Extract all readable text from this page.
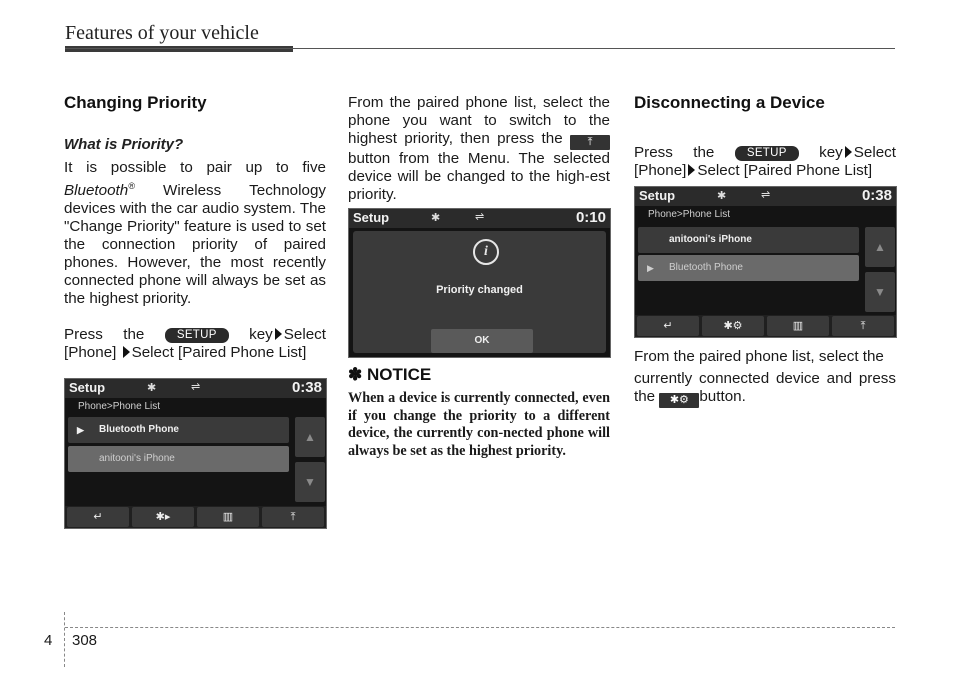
Features of your vehicle
Changing Priority
What is Priority?

It is possible to pair up to five Bluetooth® Wireless Technology devices with the car audio system. The "Change Priority" feature is used to set the connection priority of paired phones. However, the most recently connected phone will always be set as the highest priority.

Press the	SETUP key Select

[Phone] Select [Paired Phone List]

Setup	✱	⇌	0:38
Phone>Phone List
▶ Bluetooth Phone
anitooni's iPhone
▲
▼
↵	✱▸	▥	⤒

From the paired phone list, select the phone you want to switch to the highest priority, then press the ⤒ button from the Menu. The selected device will be changed to the high-est priority.

Setup	✱	⇌	0:10
i
Priority changed
OK
✽ NOTICE
When a device is currently connected, even if you change the priority to a different device, the currently con-nected phone will always be set as the highest priority.
Disconnecting a Device

Press the	SETUP key Select

[Phone] Select [Paired Phone List]

Setup	✱	⇌	0:38
Phone>Phone List
anitooni's iPhone
▶ Bluetooth Phone
▲
▼
↵	✱⚙	▥	⤒

From the paired phone list, select the

currently connected device and press the ✱⚙ button.

4 308
